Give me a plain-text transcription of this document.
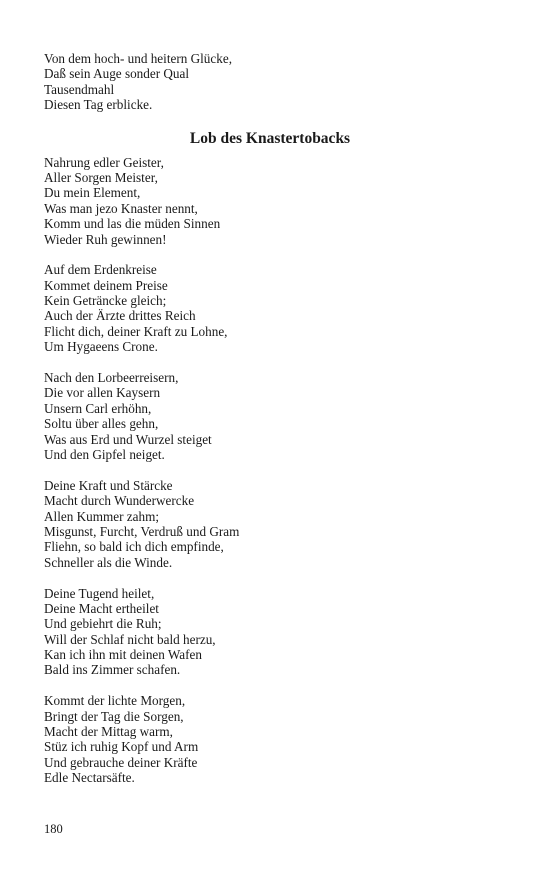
Von dem hoch- und heitern Glücke,
Daß sein Auge sonder Qual
Tausendmahl
Diesen Tag erblicke.
Lob des Knastertobacks
Nahrung edler Geister,
Aller Sorgen Meister,
Du mein Element,
Was man jezo Knaster nennt,
Komm und las die müden Sinnen
Wieder Ruh gewinnen!
Auf dem Erdenkreise
Kommet deinem Preise
Kein Geträncke gleich;
Auch der Ärzte drittes Reich
Flicht dich, deiner Kraft zu Lohne,
Um Hygaeens Crone.
Nach den Lorbeerreisern,
Die vor allen Kaysern
Unsern Carl erhöhn,
Soltu über alles gehn,
Was aus Erd und Wurzel steiget
Und den Gipfel neiget.
Deine Kraft und Stärcke
Macht durch Wunderwercke
Allen Kummer zahm;
Misgunst, Furcht, Verdruß und Gram
Fliehn, so bald ich dich empfinde,
Schneller als die Winde.
Deine Tugend heilet,
Deine Macht ertheilet
Und gebiehrt die Ruh;
Will der Schlaf nicht bald herzu,
Kan ich ihn mit deinen Wafen
Bald ins Zimmer schafen.
Kommt der lichte Morgen,
Bringt der Tag die Sorgen,
Macht der Mittag warm,
Stüz ich ruhig Kopf und Arm
Und gebrauche deiner Kräfte
Edle Nectarsäfte.
180
